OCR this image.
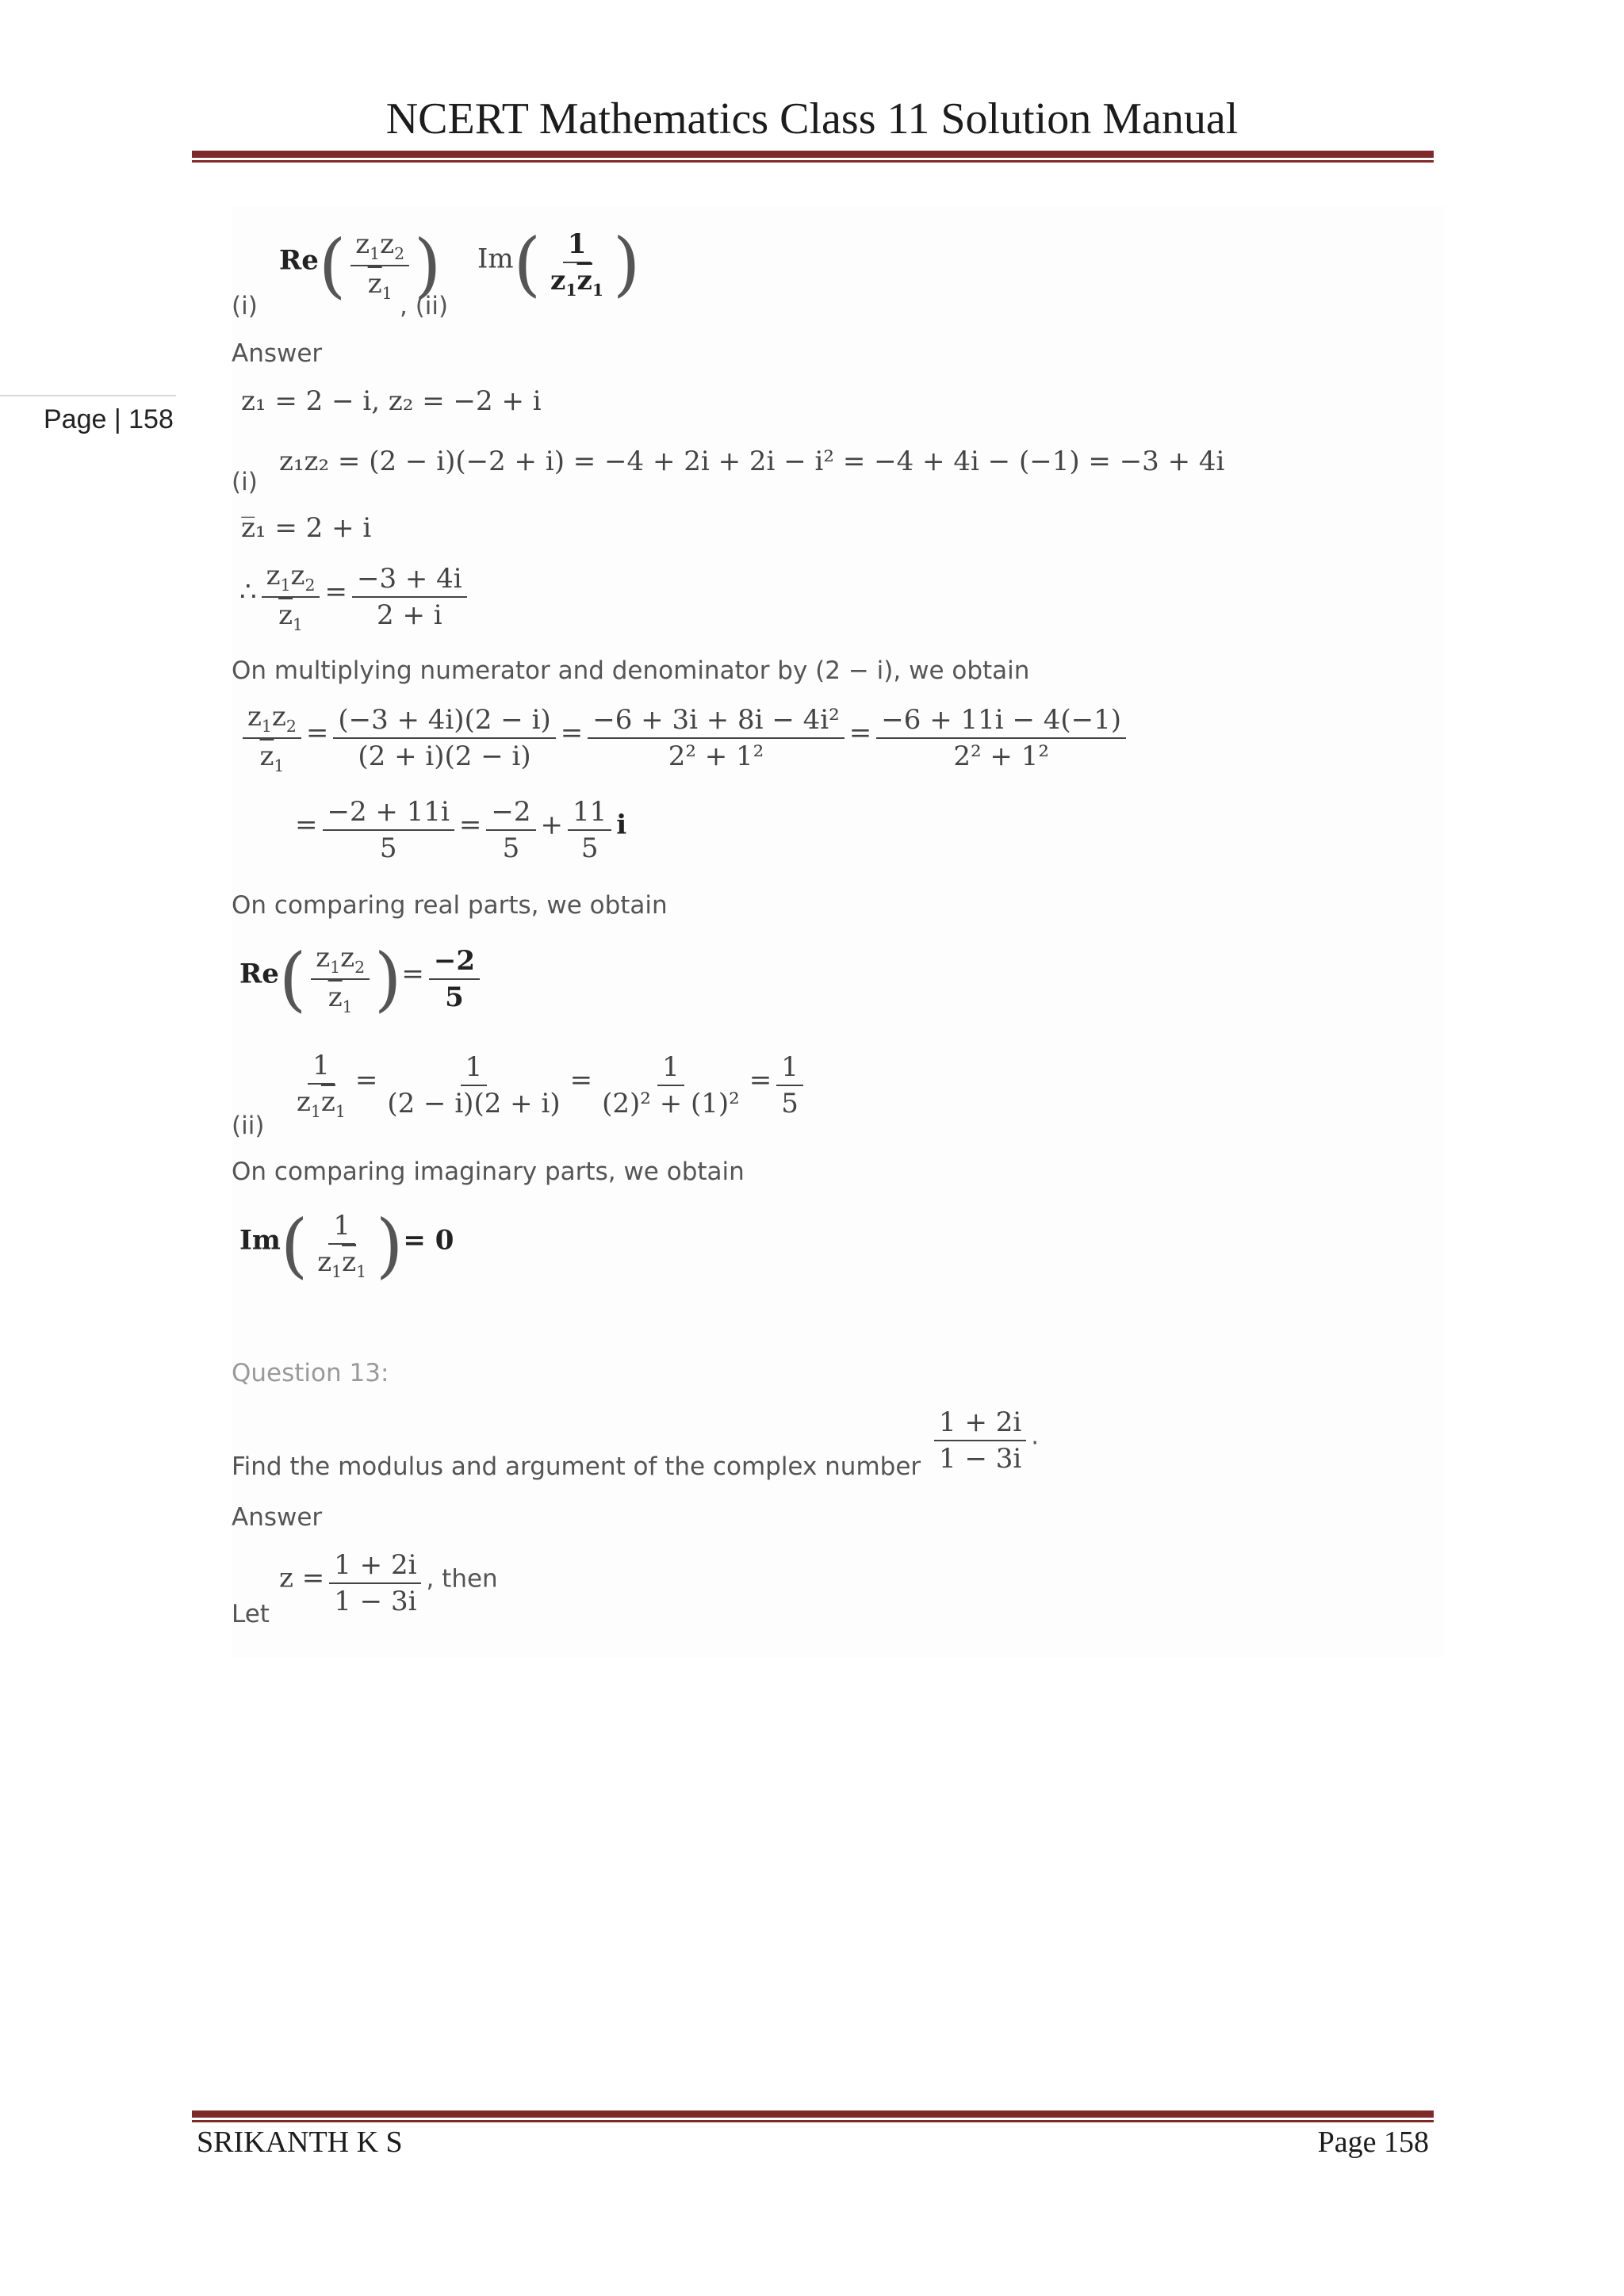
NCERT Mathematics Class 11 Solution Manual
Page | 158
(i)
$Re( \frac{z_1z_2}{\overline{z}_1}$ )
, (ii)
$Im( \frac{1}{z_1\overline{z}_1}$ )
Answer
z₁ = 2 − i, z₂ = −2 + i
(i)
z₁z₂ = (2 − i)(−2 + i) = −4 + 2i + 2i − i² = −4 + 4i − (−1) = −3 + 4i
z̅₁ = 2 + i
∴ $\frac{z_1z_2}{\overline{z}_1} = \frac{-3 + 4i}{2 + i}$
On multiplying numerator and denominator by (2 − i), we obtain
$\frac{z_1z_2}{\overline{z}_1} = \frac{(-3 + 4i)(2 - i)}{(2 + i)(2 - i)} = \frac{\text{−6 + 3i + 8i − 4i²}}{\text{2² + 1²}} = \frac{-6 + 11i - 4(-1)}{\text{2² + 1²}}$
= $\frac{-2 + 11i}{5} = \frac{-2}{5} + \frac{11}{5}$ i
On comparing real parts, we obtain
$Re( \frac{z_1z_2}{\overline{z}_1}$ )= $\frac{-2}{5}$
(ii)
$\frac{1}{z_1\overline{z}_1} = \frac{1}{(2 - i)(2 + i)} = \frac{1}{\text{(2)² + (1)²}} = \frac{1}{5}$
On comparing imaginary parts, we obtain
$Im( \frac{1}{z_1\overline{z}_1}$ )= 0
Question 13:
Find the modulus and argument of the complex number $\frac{1 + 2i}{1 - 3i}$ .
Answer
Let
$z = \frac{1 + 2i}{1 - 3i}$ , then
SRIKANTH K S	Page 158
